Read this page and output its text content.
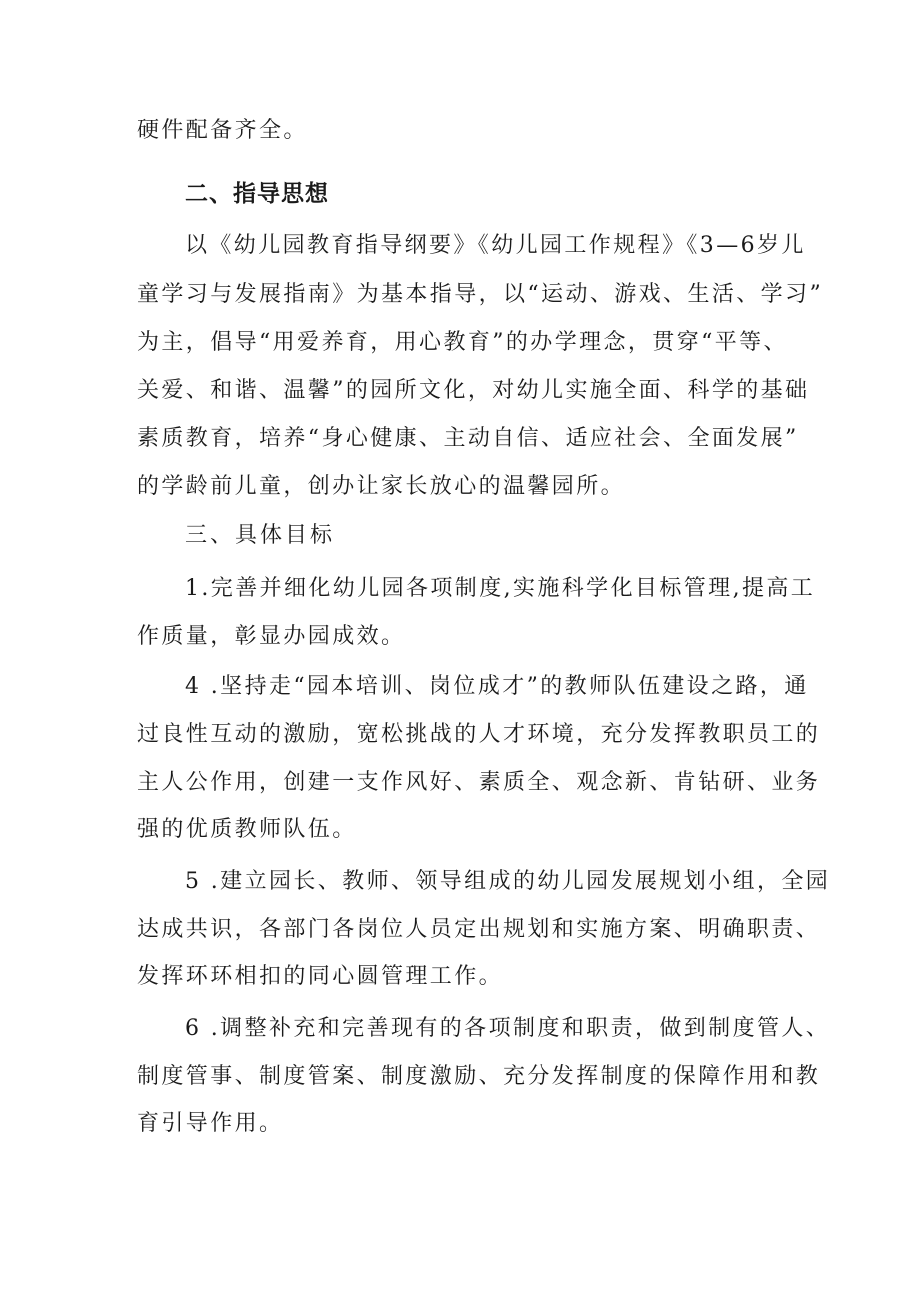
硬件配备齐全。
二、指导思想
以《幼儿园教育指导纲要》《幼儿园工作规程》《3—6岁儿
童学习与发展指南》为基本指导，以“运动、游戏、生活、学习”
为主，倡导“用爱养育，用心教育”的办学理念，贯穿“平等、
关爱、和谐、温馨”的园所文化，对幼儿实施全面、科学的基础
素质教育，培养“身心健康、主动自信、适应社会、全面发展”
的学龄前儿童，创办让家长放心的温馨园所。
三、具体目标
1.完善并细化幼儿园各项制度,实施科学化目标管理,提高工
作质量，彰显办园成效。
4 .坚持走“园本培训、岗位成才”的教师队伍建设之路，通
过良性互动的激励，宽松挑战的人才环境，充分发挥教职员工的
主人公作用，创建一支作风好、素质全、观念新、肯钻研、业务
强的优质教师队伍。
5 .建立园长、教师、领导组成的幼儿园发展规划小组，全园
达成共识，各部门各岗位人员定出规划和实施方案、明确职责、
发挥环环相扣的同心圆管理工作。
6 .调整补充和完善现有的各项制度和职责，做到制度管人、
制度管事、制度管案、制度激励、充分发挥制度的保障作用和教
育引导作用。
